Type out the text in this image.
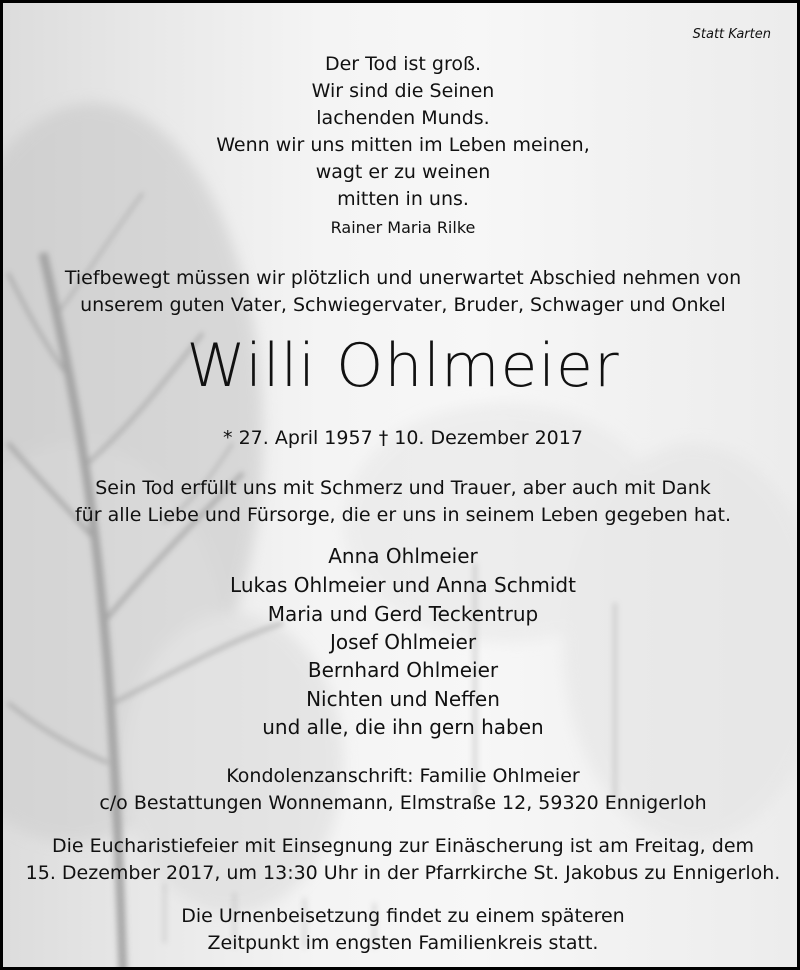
Statt Karten
Der Tod ist groß.
Wir sind die Seinen
lachenden Munds.
Wenn wir uns mitten im Leben meinen,
wagt er zu weinen
mitten in uns.
Rainer Maria Rilke
Tiefbewegt müssen wir plötzlich und unerwartet Abschied nehmen von
unserem guten Vater, Schwiegervater, Bruder, Schwager und Onkel
Willi Ohlmeier
* 27. April 1957 † 10. Dezember 2017
Sein Tod erfüllt uns mit Schmerz und Trauer, aber auch mit Dank
für alle Liebe und Fürsorge, die er uns in seinem Leben gegeben hat.
Anna Ohlmeier
Lukas Ohlmeier und Anna Schmidt
Maria und Gerd Teckentrup
Josef Ohlmeier
Bernhard Ohlmeier
Nichten und Neffen
und alle, die ihn gern haben
Kondolenzanschrift: Familie Ohlmeier
c/o Bestattungen Wonnemann, Elmstraße 12, 59320 Ennigerloh
Die Eucharistiefeier mit Einsegnung zur Einäscherung ist am Freitag, dem
15. Dezember 2017, um 13:30 Uhr in der Pfarrkirche St. Jakobus zu Ennigerloh.
Die Urnenbeisetzung findet zu einem späteren
Zeitpunkt im engsten Familienkreis statt.
